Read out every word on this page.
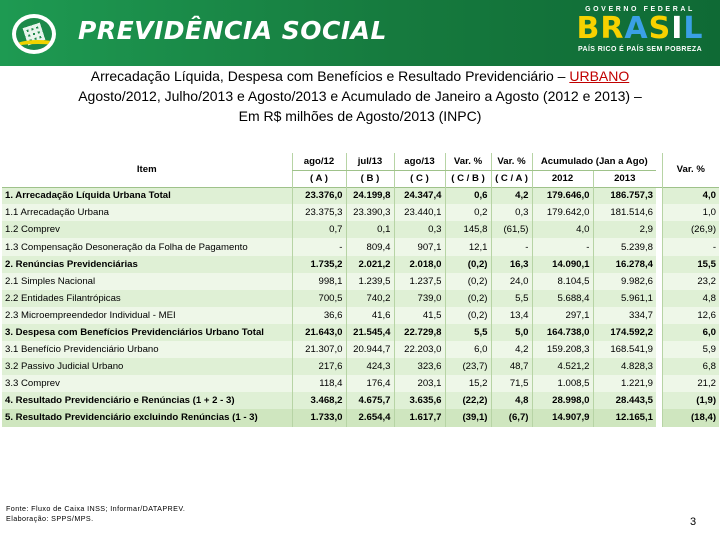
PREVIDÊNCIA SOCIAL
GOVERNO FEDERAL
B R A S I L
PAÍS RICO É PAÍS SEM POBREZA
Arrecadação Líquida, Despesa com Benefícios e Resultado Previdenciário – URBANO
Agosto/2012, Julho/2013 e Agosto/2013 e Acumulado de Janeiro a Agosto (2012 e 2013) –
Em R$ milhões de Agosto/2013 (INPC)
Item	ago/12	jul/13	ago/13	Var. %	Var. %	Acumulado (Jan a Ago)			Var. %
	( A )	( B )	( C )	( C / B )	( C / A )	2012	2013		
1. Arrecadação Líquida Urbana Total	23.376,0	24.199,8	24.347,4	0,6	4,2	179.646,0	186.757,3		4,0
1.1 Arrecadação Urbana	23.375,3	23.390,3	23.440,1	0,2	0,3	179.642,0	181.514,6		1,0
1.2 Comprev	0,7	0,1	0,3	145,8	(61,5)	4,0	2,9		(26,9)
1.3 Compensação Desoneração da Folha de Pagamento	-	809,4	907,1	12,1	-	-	5.239,8		-
2. Renúncias Previdenciárias	1.735,2	2.021,2	2.018,0	(0,2)	16,3	14.090,1	16.278,4		15,5
2.1 Simples Nacional	998,1	1.239,5	1.237,5	(0,2)	24,0	8.104,5	9.982,6		23,2
2.2 Entidades Filantrópicas	700,5	740,2	739,0	(0,2)	5,5	5.688,4	5.961,1		4,8
2.3 Microempreendedor Individual - MEI	36,6	41,6	41,5	(0,2)	13,4	297,1	334,7		12,6
3. Despesa com Benefícios Previdenciários Urbano Total	21.643,0	21.545,4	22.729,8	5,5	5,0	164.738,0	174.592,2		6,0
3.1 Benefício Previdenciário Urbano	21.307,0	20.944,7	22.203,0	6,0	4,2	159.208,3	168.541,9		5,9
3.2 Passivo Judicial Urbano	217,6	424,3	323,6	(23,7)	48,7	4.521,2	4.828,3		6,8
3.3 Comprev	118,4	176,4	203,1	15,2	71,5	1.008,5	1.221,9		21,2
4. Resultado Previdenciário e Renúncias (1 + 2 - 3)	3.468,2	4.675,7	3.635,6	(22,2)	4,8	28.998,0	28.443,5		(1,9)
5. Resultado Previdenciário excluindo Renúncias (1 - 3)	1.733,0	2.654,4	1.617,7	(39,1)	(6,7)	14.907,9	12.165,1		(18,4)
Fonte: Fluxo de Caixa INSS; Informar/DATAPREV.
Elaboração: SPPS/MPS.	3
